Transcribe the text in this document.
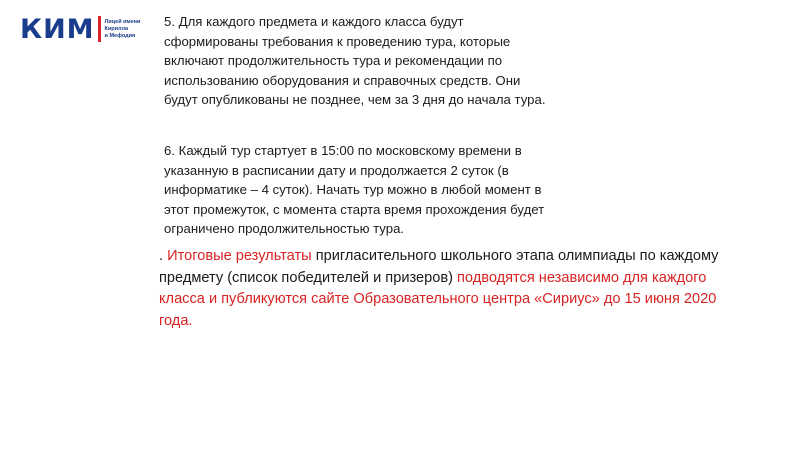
КИМ Лицей имени
Кирилла
и Мефодия

5. Для каждого предмета и каждого класса будут сформированы требования к проведению тура, которые включают продолжительность тура и рекомендации по использованию оборудования и справочных средств. Они будут опубликованы не позднее, чем за 3 дня до начала тура.

6. Каждый тур стартует в 15:00 по московскому времени в указанную в расписании дату и продолжается 2 суток (в информатике – 4 суток). Начать тур можно в любой момент в этот промежуток, с момента старта время прохождения будет ограничено продолжительностью тура.

. Итоговые результаты пригласительного школьного этапа олимпиады по каждому предмету (список победителей и призеров) подводятся независимо для каждого класса и публикуются сайте Образовательного центра «Сириус» до 15 июня 2020 года.
